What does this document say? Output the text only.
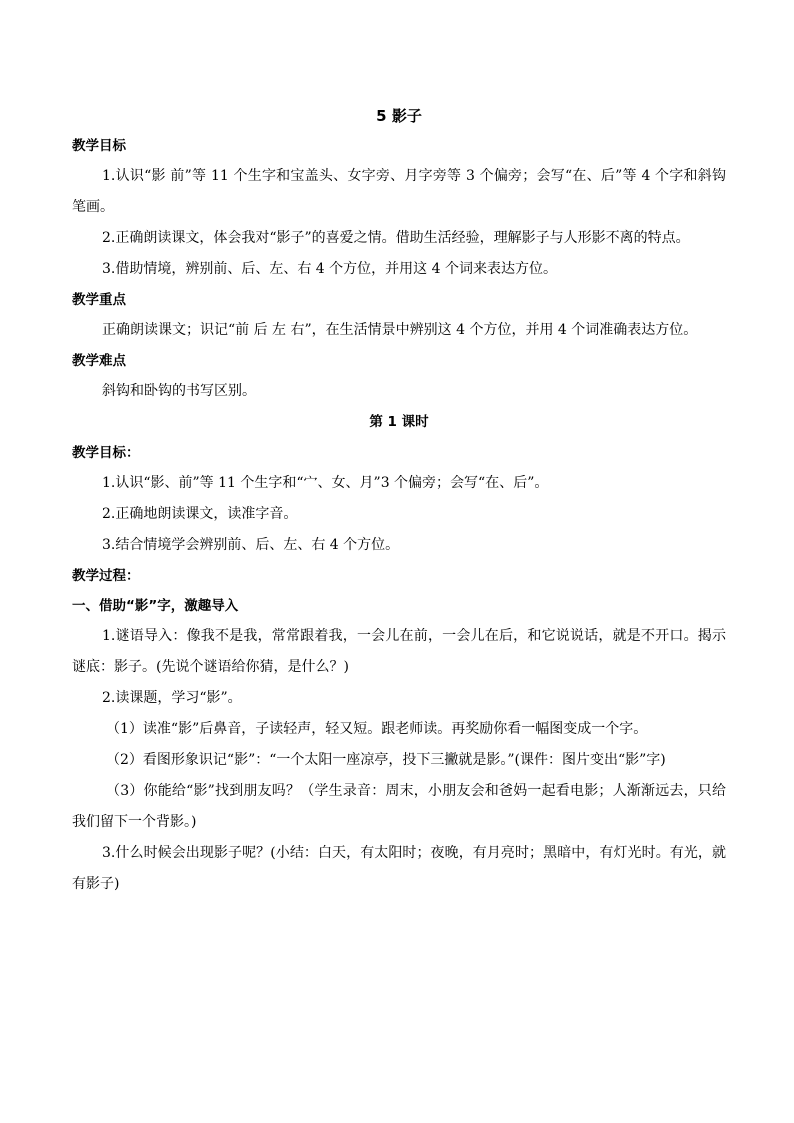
5 影子

教学目标

1.认识“影 前”等 11 个生字和宝盖头、女字旁、月字旁等 3 个偏旁；会写“在、后”等 4 个字和斜钩笔画。

2.正确朗读课文，体会我对“影子”的喜爱之情。借助生活经验，理解影子与人形影不离的特点。

3.借助情境，辨别前、后、左、右 4 个方位，并用这 4 个词来表达方位。

教学重点

正确朗读课文；识记“前 后 左 右”，在生活情景中辨别这 4 个方位，并用 4 个词准确表达方位。

教学难点

斜钩和卧钩的书写区别。

第 1 课时

教学目标：

1.认识“影、前”等 11 个生字和“宀、女、月”3 个偏旁；会写“在、后”。

2.正确地朗读课文，读准字音。

3.结合情境学会辨别前、后、左、右 4 个方位。

教学过程：

一、借助“影”字，激趣导入

1.谜语导入：像我不是我，常常跟着我，一会儿在前，一会儿在后，和它说说话，就是不开口。揭示谜底：影子。(先说个谜语给你猜，是什么？)

2.读课题，学习“影”。

（1）读准“影”后鼻音，子读轻声，轻又短。跟老师读。再奖励你看一幅图变成一个字。

（2）看图形象识记“影”：“一个太阳一座凉亭，投下三撇就是影。”(课件：图片变出“影”字)

（3）你能给“影”找到朋友吗？（学生录音：周末，小朋友会和爸妈一起看电影；人渐渐远去，只给我们留下一个背影。)

3.什么时候会出现影子呢？(小结：白天，有太阳时；夜晚，有月亮时；黑暗中，有灯光时。有光，就有影子)
